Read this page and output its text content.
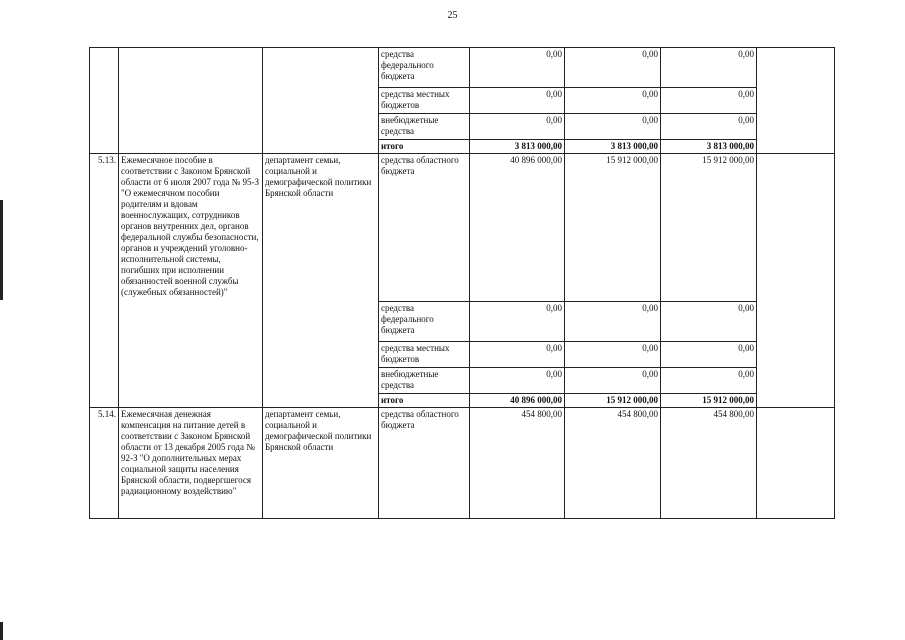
25
			средства федерального бюджета	0,00	0,00	0,00	
			средства местных бюджетов	0,00	0,00	0,00	
			внебюджетные средства	0,00	0,00	0,00	
			итого	3 813 000,00	3 813 000,00	3 813 000,00	
5.13.	Ежемесячное пособие в соответствии с Законом Брянской области от 6 июля 2007 года № 95-З "О ежемесячном пособии родителям и вдовам военнослужащих, сотрудников органов внутренних дел, органов федеральной службы безопасности, органов и учреждений уголовно-исполнительной системы, погибших при исполнении обязанностей военной службы (служебных обязанностей)"	департамент семьи, социальной и демографической политики Брянской области	средства областного бюджета	40 896 000,00	15 912 000,00	15 912 000,00	
			средства федерального бюджета	0,00	0,00	0,00	
			средства местных бюджетов	0,00	0,00	0,00	
			внебюджетные средства	0,00	0,00	0,00	
			итого	40 896 000,00	15 912 000,00	15 912 000,00	
5.14.	Ежемесячная денежная компенсация на питание детей в соответствии с Законом Брянской области от 13 декабря 2005 года № 92-З "О дополнительных мерах социальной защиты населения Брянской области, подвергшегося радиационному воздействию"	департамент семьи, социальной и демографической политики Брянской области	средства областного бюджета	454 800,00	454 800,00	454 800,00	
